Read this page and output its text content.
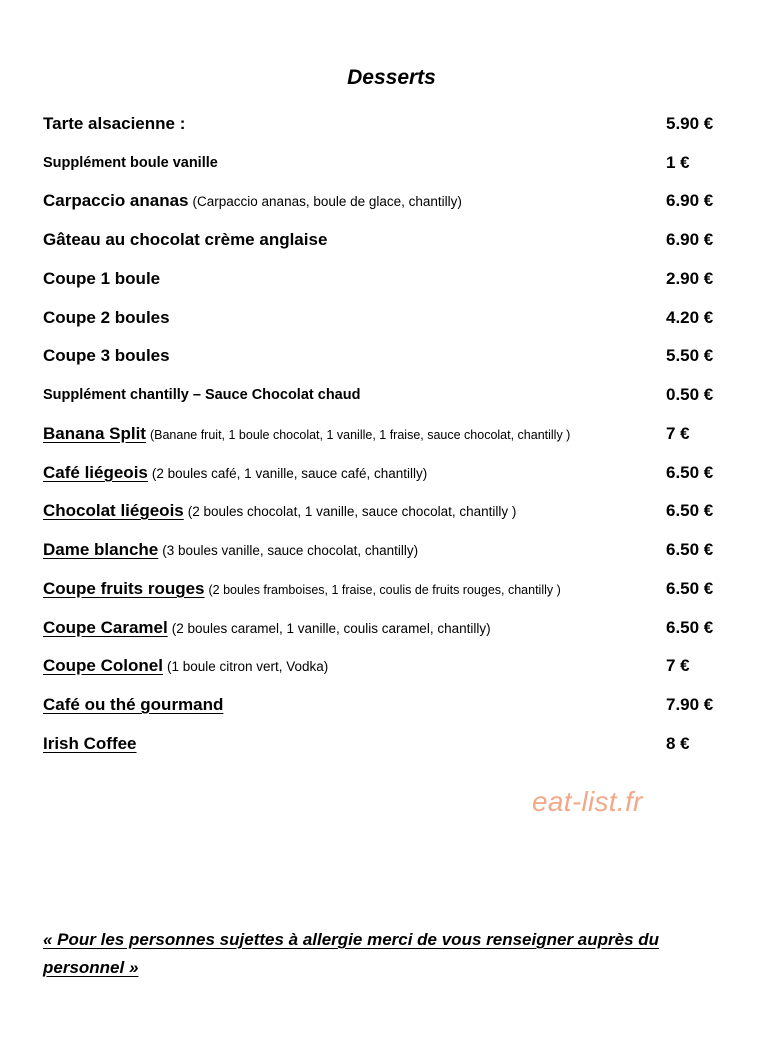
Desserts
Tarte alsacienne :	5.90 €
Supplément boule vanille	1 €
Carpaccio ananas (Carpaccio ananas, boule de glace, chantilly)	6.90 €
Gâteau au chocolat crème anglaise	6.90 €
Coupe 1 boule	2.90 €
Coupe 2 boules	4.20 €
Coupe 3 boules	5.50 €
Supplément chantilly – Sauce Chocolat chaud	0.50 €
Banana Split (Banane fruit, 1 boule chocolat, 1 vanille, 1 fraise, sauce chocolat, chantilly )	7 €
Café liégeois (2 boules café, 1 vanille, sauce café, chantilly)	6.50 €
Chocolat liégeois (2 boules chocolat, 1 vanille, sauce chocolat, chantilly )	6.50 €
Dame blanche (3 boules vanille, sauce chocolat, chantilly)	6.50 €
Coupe fruits rouges (2 boules framboises, 1 fraise, coulis de fruits rouges, chantilly )	6.50 €
Coupe Caramel (2 boules caramel, 1 vanille, coulis caramel, chantilly)	6.50 €
Coupe Colonel (1 boule citron vert, Vodka)	7 €
Café ou thé gourmand	7.90 €
Irish Coffee	8 €
eat-list.fr
« Pour les personnes sujettes à allergie merci de vous renseigner auprès du personnel »
